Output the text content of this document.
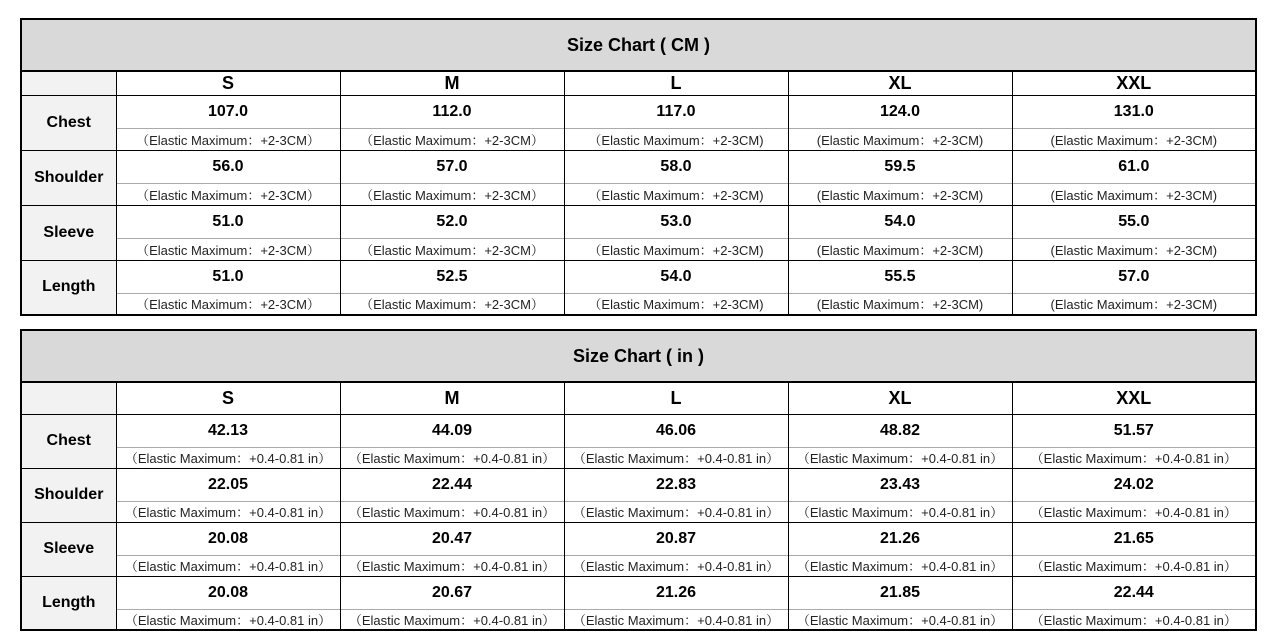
Size Chart ( CM )					
	S	M	L	XL	XXL
Chest	107.0	112.0	117.0	124.0	131.0
	（Elastic Maximum：+2-3CM）	（Elastic Maximum：+2-3CM）	（Elastic Maximum：+2-3CM)	(Elastic Maximum：+2-3CM)	(Elastic Maximum：+2-3CM)
Shoulder	56.0	57.0	58.0	59.5	61.0
	（Elastic Maximum：+2-3CM）	（Elastic Maximum：+2-3CM）	（Elastic Maximum：+2-3CM)	(Elastic Maximum：+2-3CM)	(Elastic Maximum：+2-3CM)
Sleeve	51.0	52.0	53.0	54.0	55.0
	（Elastic Maximum：+2-3CM）	（Elastic Maximum：+2-3CM）	（Elastic Maximum：+2-3CM)	(Elastic Maximum：+2-3CM)	(Elastic Maximum：+2-3CM)
Length	51.0	52.5	54.0	55.5	57.0
	（Elastic Maximum：+2-3CM）	（Elastic Maximum：+2-3CM）	（Elastic Maximum：+2-3CM)	(Elastic Maximum：+2-3CM)	(Elastic Maximum：+2-3CM)
Size Chart ( in )					
	S	M	L	XL	XXL
Chest	42.13	44.09	46.06	48.82	51.57
	（Elastic Maximum：+0.4-0.81 in）	（Elastic Maximum：+0.4-0.81 in）	（Elastic Maximum：+0.4-0.81 in）	（Elastic Maximum：+0.4-0.81 in）	（Elastic Maximum：+0.4-0.81 in）
Shoulder	22.05	22.44	22.83	23.43	24.02
	（Elastic Maximum：+0.4-0.81 in）	（Elastic Maximum：+0.4-0.81 in）	（Elastic Maximum：+0.4-0.81 in）	（Elastic Maximum：+0.4-0.81 in）	（Elastic Maximum：+0.4-0.81 in）
Sleeve	20.08	20.47	20.87	21.26	21.65
	（Elastic Maximum：+0.4-0.81 in）	（Elastic Maximum：+0.4-0.81 in）	（Elastic Maximum：+0.4-0.81 in）	（Elastic Maximum：+0.4-0.81 in）	（Elastic Maximum：+0.4-0.81 in）
Length	20.08	20.67	21.26	21.85	22.44
	（Elastic Maximum：+0.4-0.81 in）	（Elastic Maximum：+0.4-0.81 in）	（Elastic Maximum：+0.4-0.81 in）	（Elastic Maximum：+0.4-0.81 in）	（Elastic Maximum：+0.4-0.81 in）
